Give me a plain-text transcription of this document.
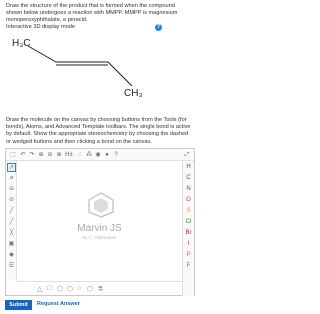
Draw the structure of the product that is formed when the compound shown below undergoes a reaction with MMPP. MMPP is magnesium monoperoxyphthalate, a peracid.
Interactive 3D display mode	?
H₃C
CH₃
Draw the molecule on the canvas by choosing buttons from the Tools (for bonds), Atoms, and Advanced Template toolbars. The single bond is active by default. Show the appropriate stereochemistry by choosing the dashed or wedged buttons and then clicking a bond on the canvas.
⬚ ↶ ↷ ⊕ ⊖ ⊕ H± ∴ ⁂ ◉ ● ?	⤢
↗
⌀
⊖
⊘
╱
╱
╳
▣
◆
☰
Marvin JS
by Ⓒ ChemAxon
H
C
N
O
S
Cl
Br
I
P
F
△ □ ⬠ ⬡ ○ ⬡ ⚗
Submit	Request Answer
